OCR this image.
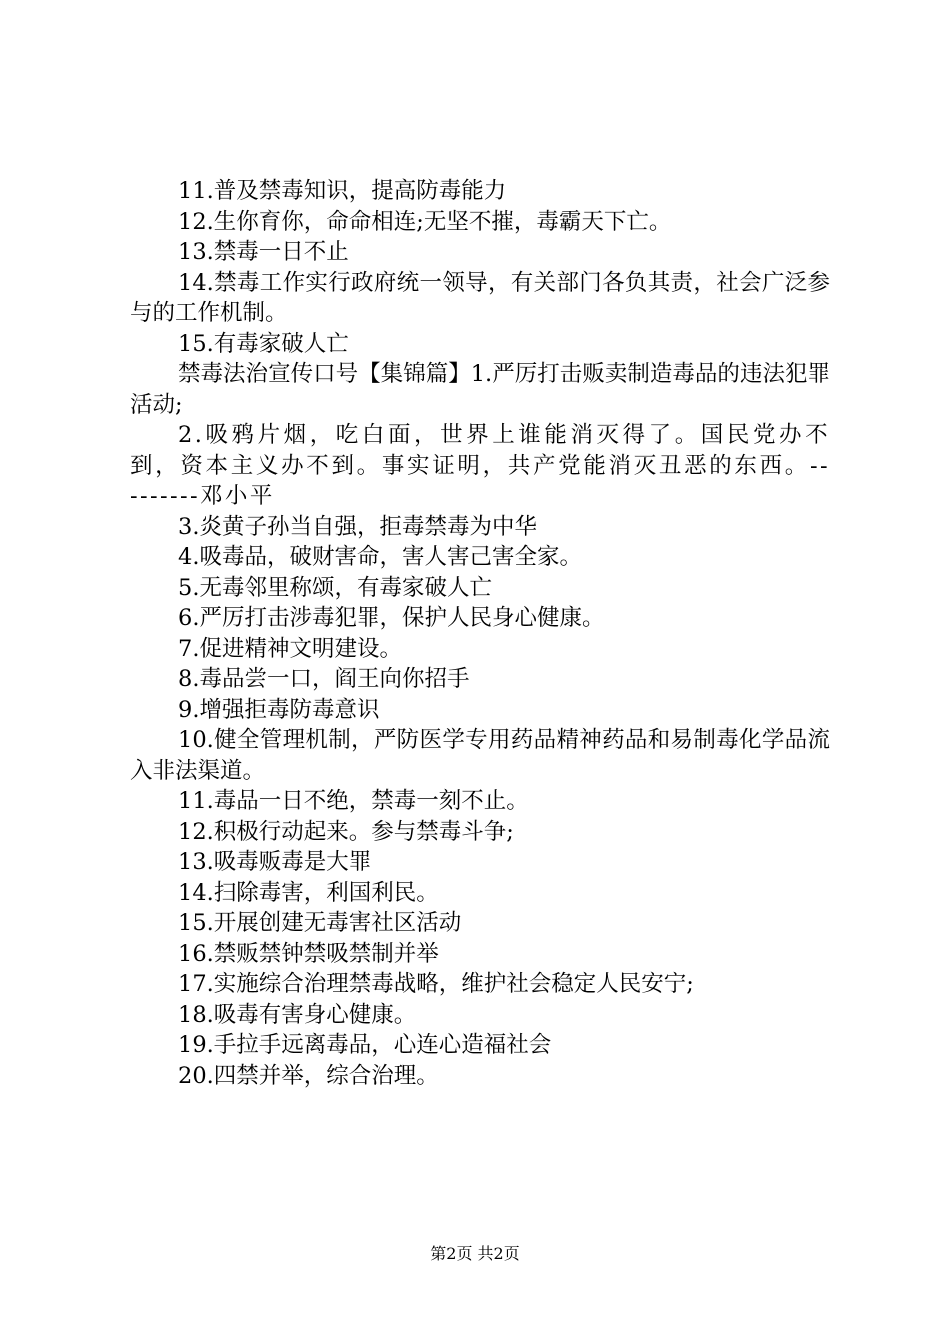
11.普及禁毒知识，提高防毒能力

12.生你育你，命命相连;无坚不摧，毒霸天下亡。

13.禁毒一日不止

14.禁毒工作实行政府统一领导，有关部门各负其责，社会广泛参与的工作机制。

15.有毒家破人亡

禁毒法治宣传口号【集锦篇】1.严厉打击贩卖制造毒品的违法犯罪活动;

2.吸鸦片烟，吃白面，世界上谁能消灭得了。国民党办不到，资本主义办不到。事实证明，共产党能消灭丑恶的东西。---------邓小平

3.炎黄子孙当自强，拒毒禁毒为中华

4.吸毒品，破财害命，害人害己害全家。

5.无毒邻里称颂，有毒家破人亡

6.严厉打击涉毒犯罪，保护人民身心健康。

7.促进精神文明建设。

8.毒品尝一口，阎王向你招手

9.增强拒毒防毒意识

10.健全管理机制，严防医学专用药品精神药品和易制毒化学品流入非法渠道。

11.毒品一日不绝，禁毒一刻不止。

12.积极行动起来。参与禁毒斗争;

13.吸毒贩毒是大罪

14.扫除毒害，利国利民。

15.开展创建无毒害社区活动

16.禁贩禁钟禁吸禁制并举

17.实施综合治理禁毒战略，维护社会稳定人民安宁;

18.吸毒有害身心健康。

19.手拉手远离毒品，心连心造福社会

20.四禁并举，综合治理。

第2页 共2页
